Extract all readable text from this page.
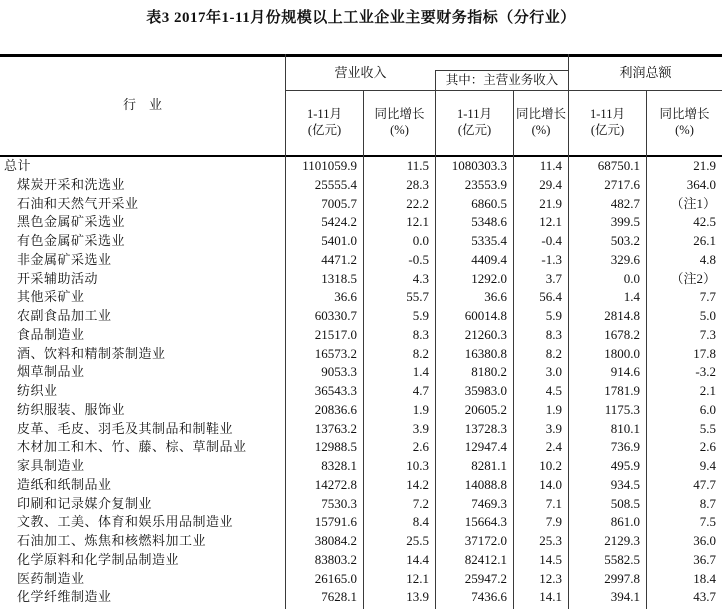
表3 2017年1-11月份规模以上工业企业主要财务指标（分行业）
行　业
营业收入	其中：主营业务收入	利润总额
1-11月
(亿元)
同比增长
(%)
1-11月
(亿元)
同比增长
(%)
1-11月
(亿元)
同比增长
(%)
总计	1101059.9	11.5	1080303.3	11.4	68750.1	21.9
煤炭开采和洗选业	25555.4	28.3	23553.9	29.4	2717.6	364.0
石油和天然气开采业	7005.7	22.2	6860.5	21.9	482.7	（注1）
黑色金属矿采选业	5424.2	12.1	5348.6	12.1	399.5	42.5
有色金属矿采选业	5401.0	0.0	5335.4	-0.4	503.2	26.1
非金属矿采选业	4471.2	-0.5	4409.4	-1.3	329.6	4.8
开采辅助活动	1318.5	4.3	1292.0	3.7	0.0	（注2）
其他采矿业	36.6	55.7	36.6	56.4	1.4	7.7
农副食品加工业	60330.7	5.9	60014.8	5.9	2814.8	5.0
食品制造业	21517.0	8.3	21260.3	8.3	1678.2	7.3
酒、饮料和精制茶制造业	16573.2	8.2	16380.8	8.2	1800.0	17.8
烟草制品业	9053.3	1.4	8180.2	3.0	914.6	-3.2
纺织业	36543.3	4.7	35983.0	4.5	1781.9	2.1
纺织服装、服饰业	20836.6	1.9	20605.2	1.9	1175.3	6.0
皮革、毛皮、羽毛及其制品和制鞋业	13763.2	3.9	13728.3	3.9	810.1	5.5
木材加工和木、竹、藤、棕、草制品业	12988.5	2.6	12947.4	2.4	736.9	2.6
家具制造业	8328.1	10.3	8281.1	10.2	495.9	9.4
造纸和纸制品业	14272.8	14.2	14088.8	14.0	934.5	47.7
印刷和记录媒介复制业	7530.3	7.2	7469.3	7.1	508.5	8.7
文教、工美、体育和娱乐用品制造业	15791.6	8.4	15664.3	7.9	861.0	7.5
石油加工、炼焦和核燃料加工业	38084.2	25.5	37172.0	25.3	2129.3	36.0
化学原料和化学制品制造业	83803.2	14.4	82412.1	14.5	5582.5	36.7
医药制造业	26165.0	12.1	25947.2	12.3	2997.8	18.4
化学纤维制造业	7628.1	13.9	7436.6	14.1	394.1	43.7
